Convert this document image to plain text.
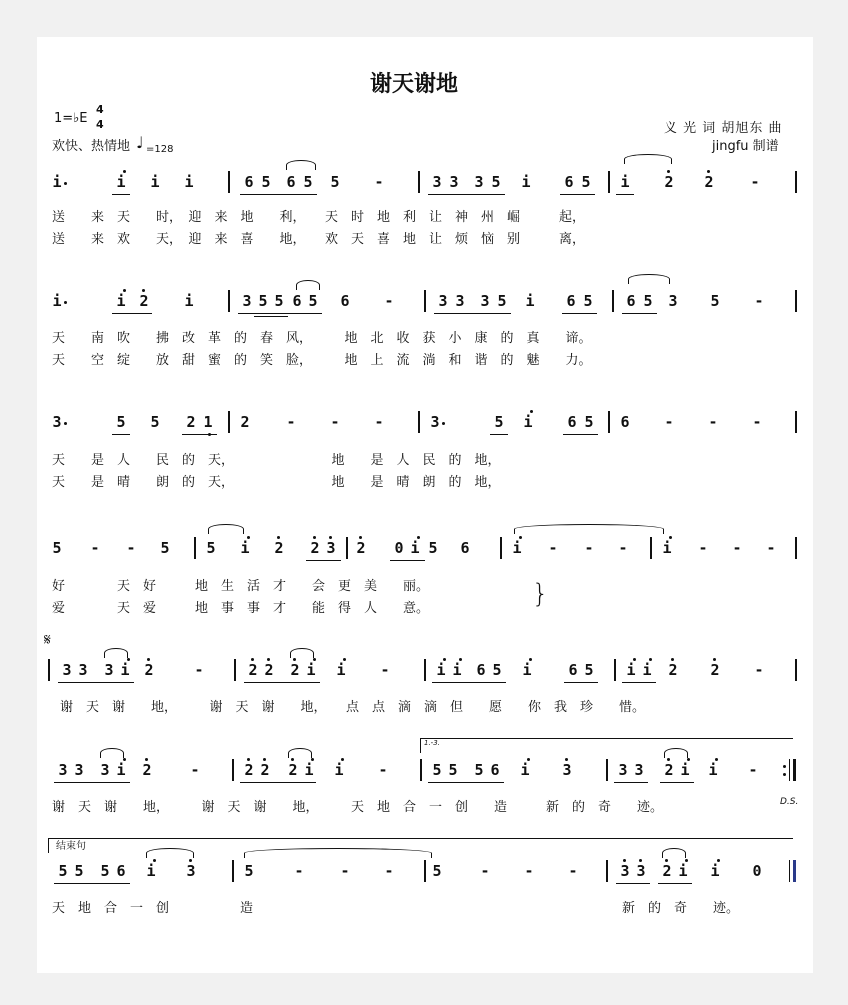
谢天谢地
1=♭E
4
4
欢快、热情地 ♩ =128
义 光 词 胡旭东 曲
jingfu 制谱
i	i i i	6 5 6 5 5 -	3 3 3 5 i 6 5 i 2 2 -
送　　来　天　　时，　迎　来　地　　利，　　天　时　地　利　让　神　州　崛　　　起，
送　　来　欢　　天，　迎　来　喜　　地，　　欢　天　喜　地　让　烦　恼　别　　　离，
i	i 2 i	3 5 5 6 5 6 -	3 3 3 5 i 6 5 6 5 3 5 -
天　　南　吹　　拂　改　革　的　春　风，　　　地　北　收　获　小　康　的　真　　谛。
天　　空　绽　　放　甜　蜜　的　笑　脸，　　　地　上　流　淌　和　谐　的　魅　　力。
3	5 5 2 1 2 - - -	3	5 i 6 5 6 - - -
天　　是　人　　民　的　天，　　　　　　　　地　　是　人　民　的　地，
天　　是　晴　　朗　的　天，　　　　　　　　地　　是　晴　朗　的　地，
5 - - 5 5 i 2 2 3 2 0 i 5 6	i - - - i - - -
好　　　　天　好　　　地　生　活　才　　会　更　美　　丽。
爱　　　　天　爱　　　地　事　事　才　　能　得　人　　意。	}
𝄋
3 3 3 i 2	-	2 2 2 i i -	i i 6 5 i 6 5 i i 2 2 -
谢　天　谢　　地，　　　谢　天　谢　　地，　　点　点　滴　滴　但　　愿　　你　我　珍　　惜。
1.-3.
3 3 3 i 2	-	2 2 2 i i -	5 5 5 6 i 3	3 3 2 i i -
谢　天　谢　　地，　　　谢　天　谢　　地，　　　天　地　合　一　创　　造　　　新　的　奇　　迹。	D.S.
结束句
5 5 5 6 i 3	5	- - -	5	- - -	3 3 2 i i 0
天　地　合　一　创	造	新　的　奇　　迹。
